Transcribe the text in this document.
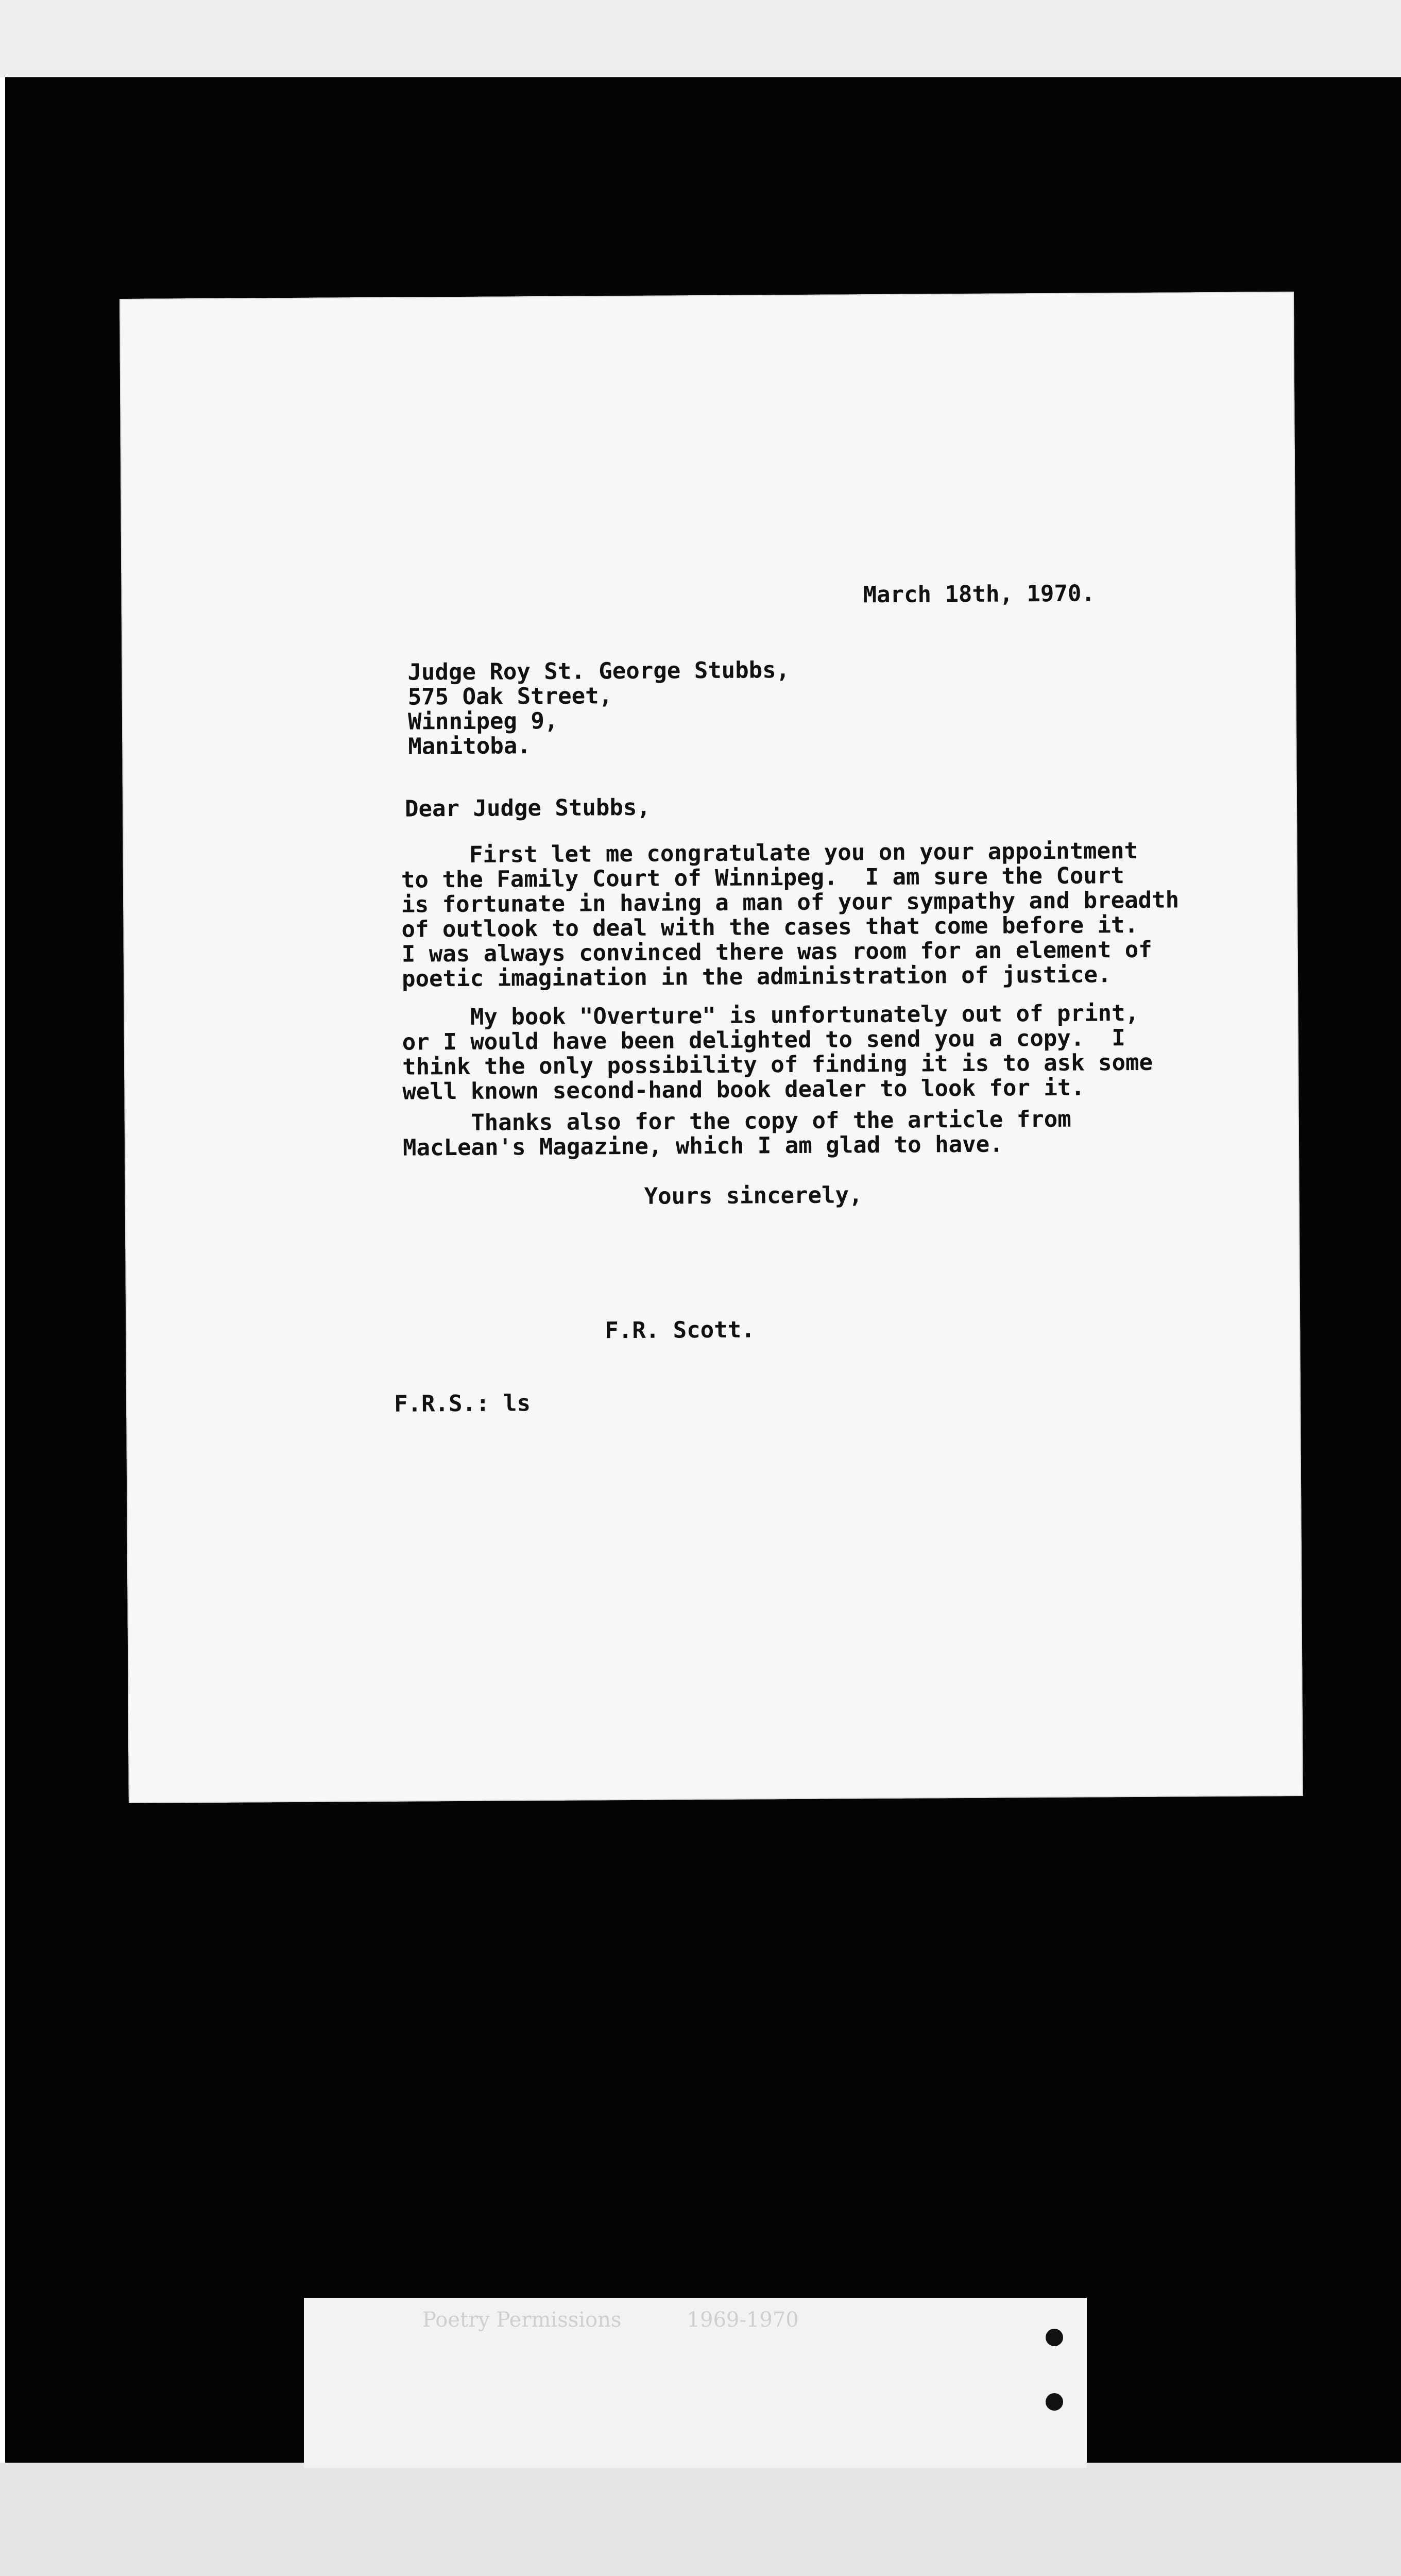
March 18th, 1970.

Judge Roy St. George Stubbs,
575 Oak Street,
Winnipeg 9,
Manitoba.

Dear Judge Stubbs,

First let me congratulate you on your appointment
to the Family Court of Winnipeg.  I am sure the Court
is fortunate in having a man of your sympathy and breadth
of outlook to deal with the cases that come before it.
I was always convinced there was room for an element of
poetic imagination in the administration of justice.
My book "Overture" is unfortunately out of print,
or I would have been delighted to send you a copy.  I
think the only possibility of finding it is to ask some
well known second-hand book dealer to look for it.
Thanks also for the copy of the article from
MacLean's Magazine, which I am glad to have.

Yours sincerely,

F.R. Scott.

F.R.S.: ls

Poetry Permissions          1969-1970
